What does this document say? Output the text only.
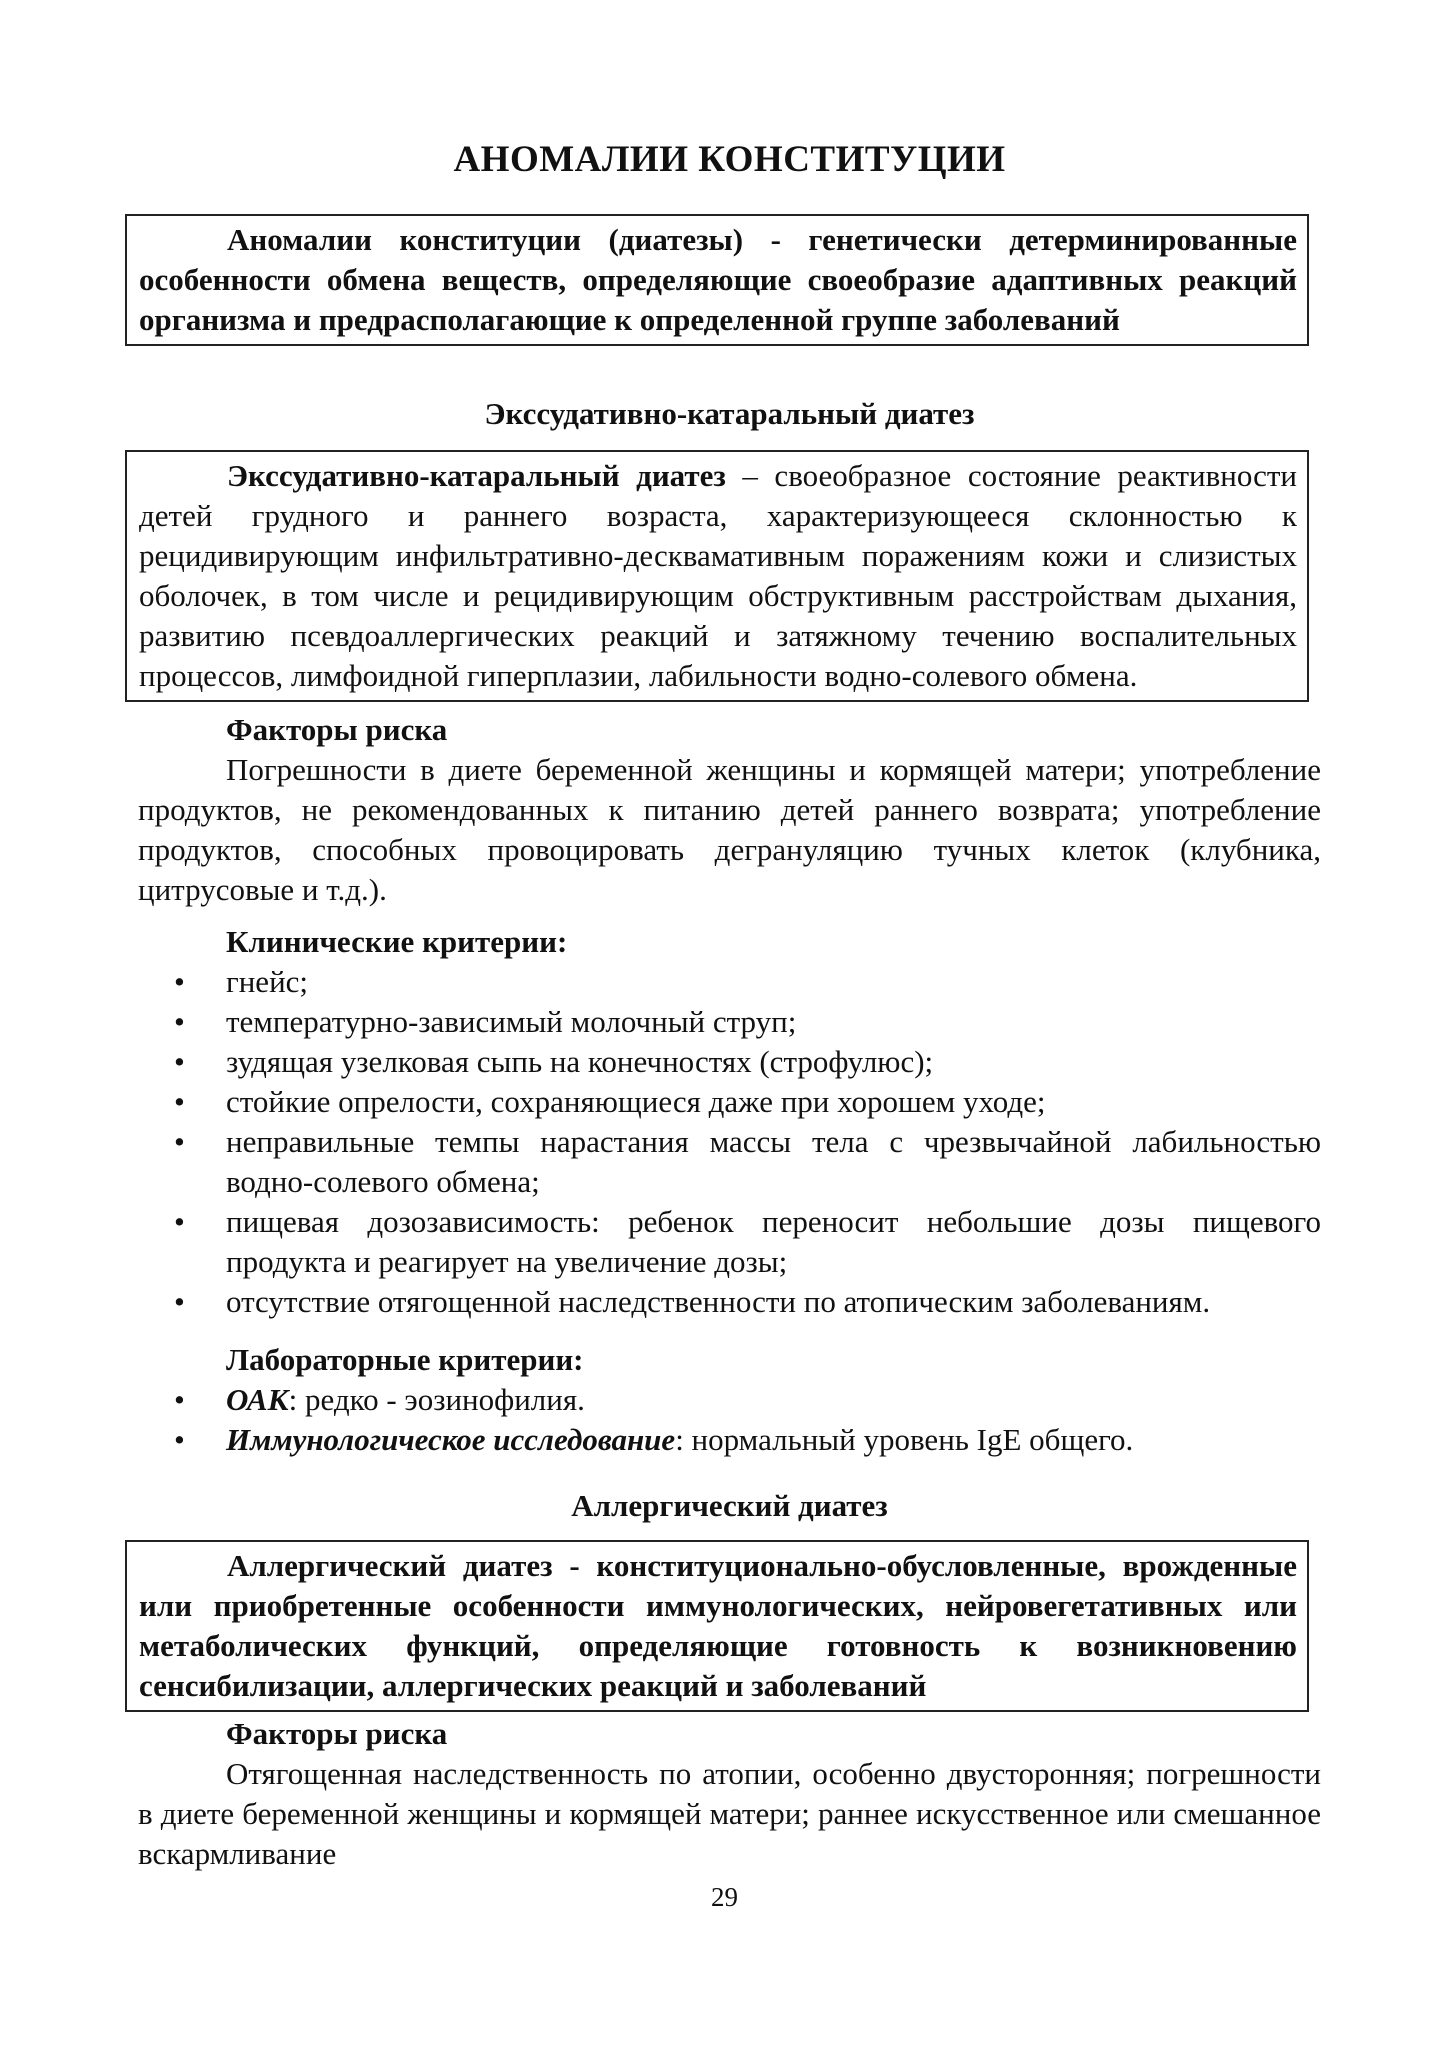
АНОМАЛИИ КОНСТИТУЦИИ
Аномалии конституции (диатезы) - генетически детерминированные особенности обмена веществ, определяющие своеобразие адаптивных реакций организма и предрасполагающие к определенной группе заболеваний
Экссудативно-катаральный диатез
Экссудативно-катаральный диатез – своеобразное состояние реактивности детей грудного и раннего возраста, характеризующееся склонностью к рецидивирующим инфильтративно-десквамативным поражениям кожи и слизистых оболочек, в том числе и рецидивирующим обструктивным расстройствам дыхания, развитию псевдоаллергических реакций и затяжному течению воспалительных процессов, лимфоидной гиперплазии, лабильности водно-солевого обмена.
Факторы риска
Погрешности в диете беременной женщины и кормящей матери; употребление продуктов, не рекомендованных к питанию детей раннего возврата; употребление продуктов, способных провоцировать дегрануляцию тучных клеток (клубника, цитрусовые и т.д.).
Клинические критерии:
• гнейс;
• температурно-зависимый молочный струп;
• зудящая узелковая сыпь на конечностях (строфулюс);
• стойкие опрелости, сохраняющиеся даже при хорошем уходе;
• неправильные темпы нарастания массы тела с чрезвычайной лабильностью водно-солевого обмена;
• пищевая дозозависимость: ребенок переносит небольшие дозы пищевого продукта и реагирует на увеличение дозы;
• отсутствие отягощенной наследственности по атопическим заболеваниям.
Лабораторные критерии:
• ОАК: редко - эозинофилия.
• Иммунологическое исследование: нормальный уровень IgE общего.
Аллергический диатез
Аллергический диатез - конституционально-обусловленные, врожденные или приобретенные особенности иммунологических, нейровегетативных или метаболических функций, определяющие готовность к возникновению сенсибилизации, аллергических реакций и заболеваний
Факторы риска
Отягощенная наследственность по атопии, особенно двусторонняя; погрешности в диете беременной женщины и кормящей матери; раннее искусственное или смешанное вскармливание
29
